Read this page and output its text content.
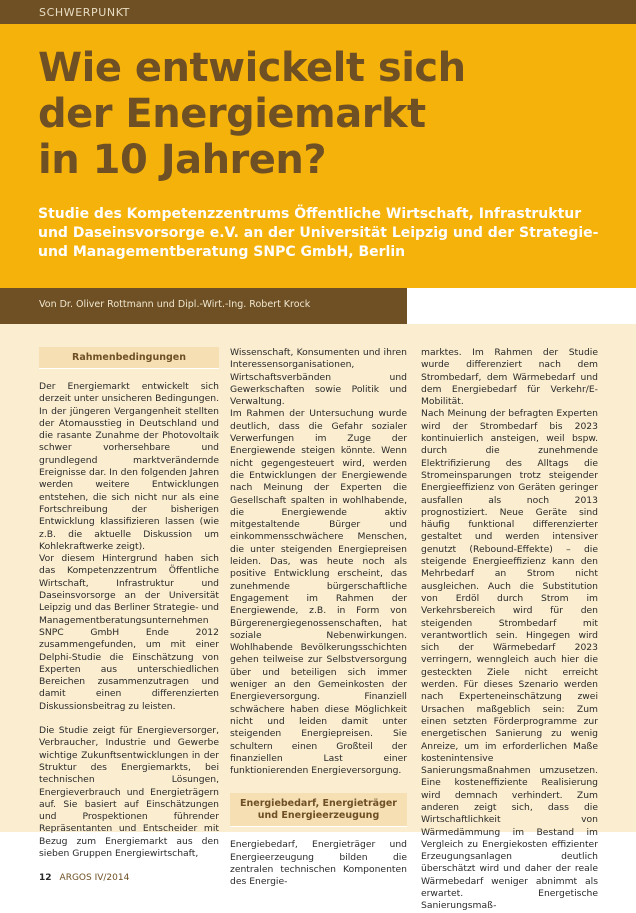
SCHWERPUNKT
Wie entwickelt sich
der Energiemarkt
in 10 Jahren?
Studie des Kompetenzzentrums Öffentliche Wirtschaft, Infrastruktur
und Daseinsvorsorge e.V. an der Universität Leipzig und der Strategie-
und Managementberatung SNPC GmbH, Berlin
Von Dr. Oliver Rottmann und Dipl.-Wirt.-Ing. Robert Krock
Rahmenbedingungen

Der Energiemarkt entwickelt sich derzeit unter unsicheren Bedingungen. In der jüngeren Vergangenheit stellten der Atomausstieg in Deutschland und die rasante Zunahme der Photovoltaik schwer vorhersehbare und grundlegend marktverändernde Ereignisse dar. In den folgenden Jahren werden weitere Entwicklungen entstehen, die sich nicht nur als eine Fortschreibung der bisherigen Entwicklung klassifizieren lassen (wie z.B. die aktuelle Diskussion um Kohlekraftwerke zeigt).

Vor diesem Hintergrund haben sich das Kompetenzzentrum Öffentliche Wirtschaft, Infrastruktur und Daseinsvorsorge an der Universität Leipzig und das Berliner Strategie- und Managementberatungsunternehmen SNPC GmbH Ende 2012 zusammengefunden, um mit einer Delphi-Studie die Einschätzung von Experten aus unterschiedlichen Bereichen zusammenzutragen und damit einen differenzierten Diskussionsbeitrag zu leisten.

Die Studie zeigt für Energieversorger, Verbraucher, Industrie und Gewerbe wichtige Zukunftsentwicklungen in der Struktur des Energiemarkts, bei technischen Lösungen, Energieverbrauch und Energieträgern auf. Sie basiert auf Einschätzungen und Prospektionen führender Repräsentanten und Entscheider mit Bezug zum Energiemarkt aus den sieben Gruppen Energiewirtschaft,

Wissenschaft, Konsumenten und ihren Interessensorganisationen, Wirtschaftsverbänden und Gewerkschaften sowie Politik und Verwaltung.

Im Rahmen der Untersuchung wurde deutlich, dass die Gefahr sozialer Verwerfungen im Zuge der Energiewende steigen könnte. Wenn nicht gegengesteuert wird, werden die Entwicklungen der Energiewende nach Meinung der Experten die Gesellschaft spalten in wohlhabende, die Energiewende aktiv mitgestaltende Bürger und einkommensschwächere Menschen, die unter steigenden Energiepreisen leiden. Das, was heute noch als positive Entwicklung erscheint, das zunehmende bürgerschaftliche Engagement im Rahmen der Energiewende, z.B. in Form von Bürgerenergiegenossenschaften, hat soziale Nebenwirkungen. Wohlhabende Bevölkerungsschichten gehen teilweise zur Selbstversorgung über und beteiligen sich immer weniger an den Gemeinkosten der Energieversorgung. Finanziell schwächere haben diese Möglichkeit nicht und leiden damit unter steigenden Energiepreisen. Sie schultern einen Großteil der finanziellen Last einer funktionierenden Energieversorgung.

Energiebedarf, Energieträger und Energieerzeugung

Energiebedarf, Energieträger und Energieerzeugung bilden die zentralen technischen Komponenten des Energie-

marktes. Im Rahmen der Studie wurde differenziert nach dem Strombedarf, dem Wärmebedarf und dem Energiebedarf für Verkehr/E-Mobilität.

Nach Meinung der befragten Experten wird der Strombedarf bis 2023 kontinuierlich ansteigen, weil bspw. durch die zunehmende Elektrifizierung des Alltags die Stromeinsparungen trotz steigender Energieeffizienz von Geräten geringer ausfallen als noch 2013 prognostiziert. Neue Geräte sind häufig funktional differenzierter gestaltet und werden intensiver genutzt (Rebound-Effekte) – die steigende Energieeffizienz kann den Mehrbedarf an Strom nicht ausgleichen. Auch die Substitution von Erdöl durch Strom im Verkehrsbereich wird für den steigenden Strombedarf mit verantwortlich sein. Hingegen wird sich der Wärmebedarf 2023 verringern, wenngleich auch hier die gesteckten Ziele nicht erreicht werden. Für dieses Szenario werden nach Experteneinschätzung zwei Ursachen maßgeblich sein: Zum einen setzten Förderprogramme zur energetischen Sanierung zu wenig Anreize, um im erforderlichen Maße kostenintensive Sanierungsmaßnahmen umzusetzen. Eine kosteneffiziente Realisierung wird demnach verhindert. Zum anderen zeigt sich, dass die Wirtschaftlichkeit von Wärmedämmung im Bestand im Vergleich zu Energiekosten effizienter Erzeugungsanlagen deutlich überschätzt wird und daher der reale Wärmebedarf weniger abnimmt als erwartet. Energetische Sanierungsmaß-

12 ARGOS IV/2014
